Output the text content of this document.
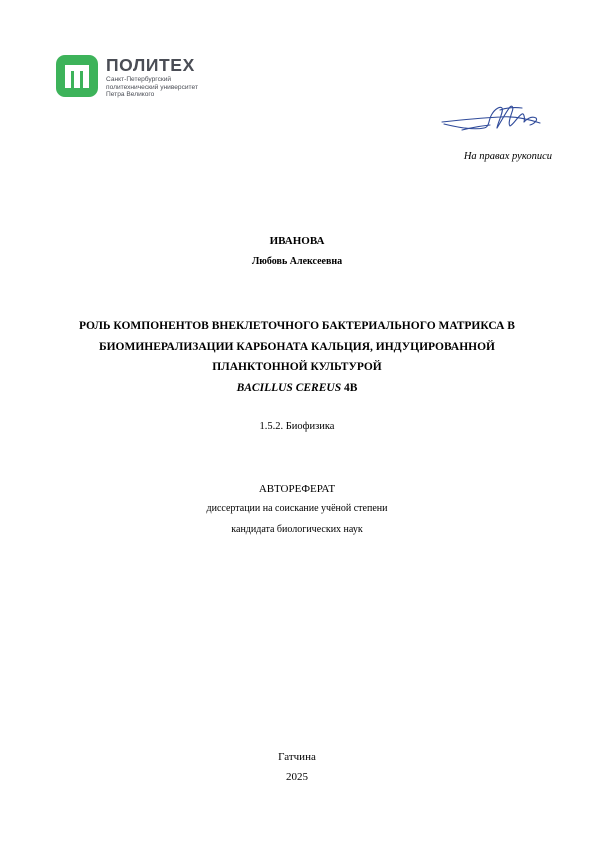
ПОЛИТЕХ
Санкт-Петербургский
политехнический университет
Петра Великого
На правах рукописи
ИВАНОВА
Любовь Алексеевна
РОЛЬ КОМПОНЕНТОВ ВНЕКЛЕТОЧНОГО БАКТЕРИАЛЬНОГО МАТРИКСА В
БИОМИНЕРАЛИЗАЦИИ КАРБОНАТА КАЛЬЦИЯ, ИНДУЦИРОВАННОЙ
ПЛАНКТОННОЙ КУЛЬТУРОЙ
BACILLUS CEREUS 4B
1.5.2. Биофизика
АВТОРЕФЕРАТ
диссертации на соискание учёной степени
кандидата биологических наук
Гатчина
2025
